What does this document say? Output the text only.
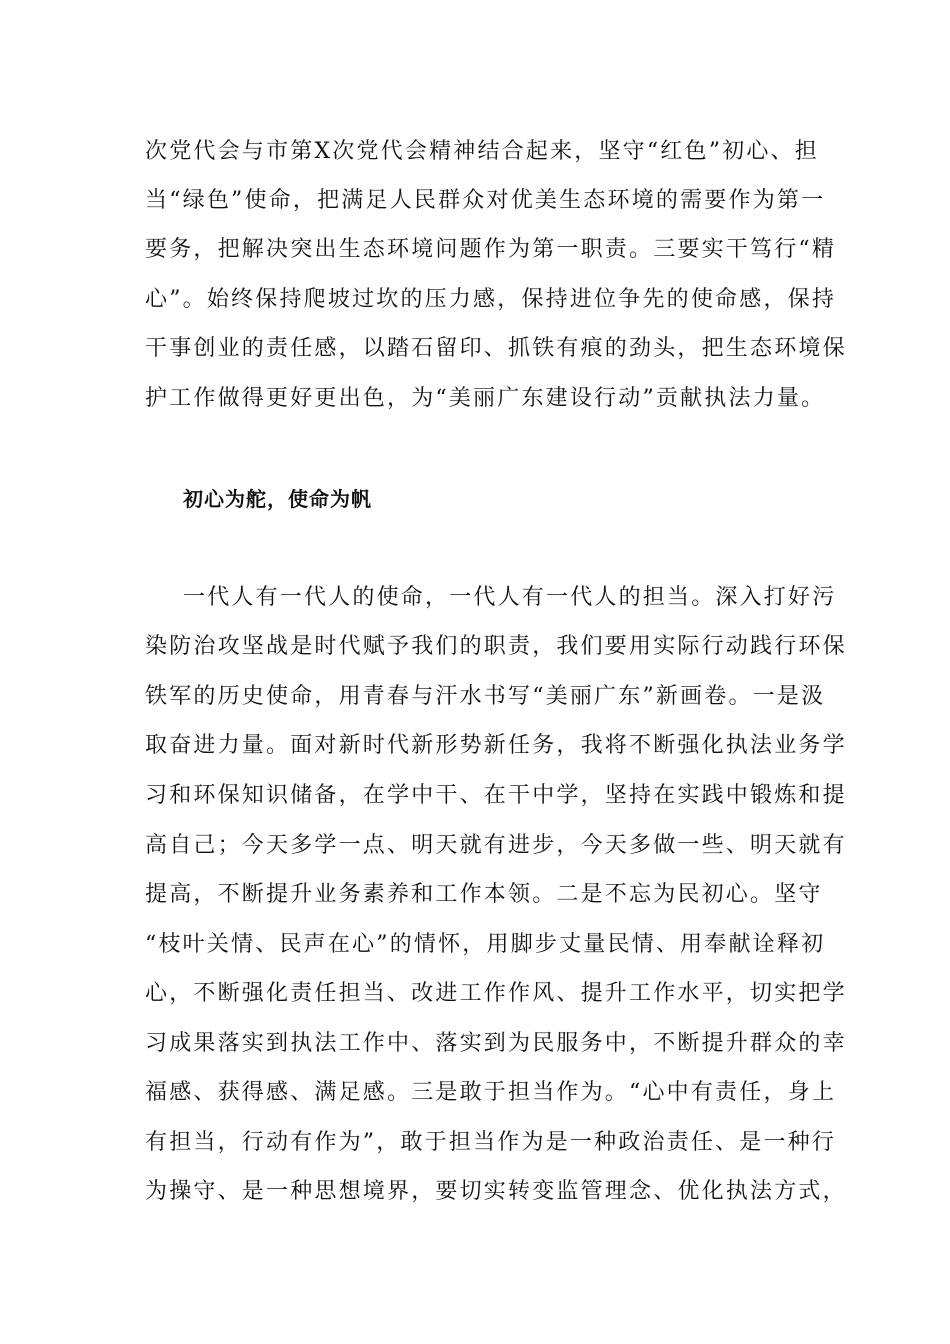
次党代会与市第Ⅹ次党代会精神结合起来，坚守“红色”初心、担
当“绿色”使命，把满足人民群众对优美生态环境的需要作为第一
要务，把解决突出生态环境问题作为第一职责。三要实干笃行“精
心”。始终保持爬坡过坎的压力感，保持进位争先的使命感，保持
干事创业的责任感，以踏石留印、抓铁有痕的劲头，把生态环境保
护工作做得更好更出色，为“美丽广东建设行动”贡献执法力量。
初心为舵，使命为帆
一代人有一代人的使命，一代人有一代人的担当。深入打好污
染防治攻坚战是时代赋予我们的职责，我们要用实际行动践行环保
铁军的历史使命，用青春与汗水书写“美丽广东”新画卷。一是汲
取奋进力量。面对新时代新形势新任务，我将不断强化执法业务学
习和环保知识储备，在学中干、在干中学，坚持在实践中锻炼和提
高自己；今天多学一点、明天就有进步，今天多做一些、明天就有
提高，不断提升业务素养和工作本领。二是不忘为民初心。坚守
“枝叶关情、民声在心”的情怀，用脚步丈量民情、用奉献诠释初
心，不断强化责任担当、改进工作作风、提升工作水平，切实把学
习成果落实到执法工作中、落实到为民服务中，不断提升群众的幸
福感、获得感、满足感。三是敢于担当作为。“心中有责任，身上
有担当，行动有作为”，敢于担当作为是一种政治责任、是一种行
为操守、是一种思想境界，要切实转变监管理念、优化执法方式，
